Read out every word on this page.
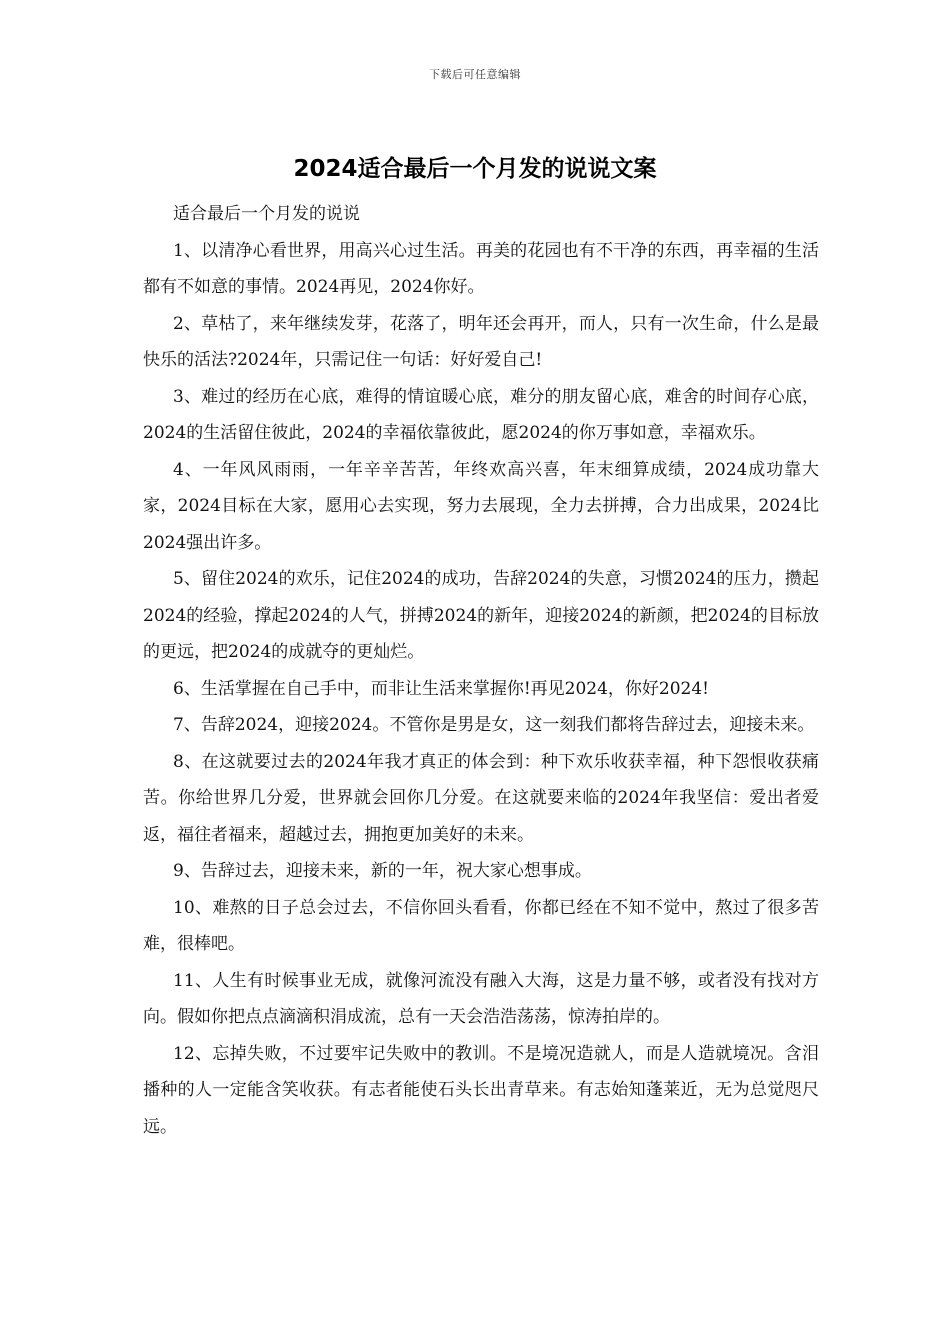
下载后可任意编辑
2024适合最后一个月发的说说文案

适合最后一个月发的说说

1、以清净心看世界，用高兴心过生活。再美的花园也有不干净的东西，再幸福的生活都有不如意的事情。2024再见，2024你好。

2、草枯了，来年继续发芽，花落了，明年还会再开，而人，只有一次生命，什么是最快乐的活法?2024年，只需记住一句话：好好爱自己!

3、难过的经历在心底，难得的情谊暖心底，难分的朋友留心底，难舍的时间存心底，2024的生活留住彼此，2024的幸福依靠彼此，愿2024的你万事如意，幸福欢乐。

4、一年风风雨雨，一年辛辛苦苦，年终欢高兴喜，年末细算成绩，2024成功靠大家，2024目标在大家，愿用心去实现，努力去展现，全力去拼搏，合力出成果，2024比2024强出许多。

5、留住2024的欢乐，记住2024的成功，告辞2024的失意，习惯2024的压力，攒起2024的经验，撑起2024的人气，拼搏2024的新年，迎接2024的新颜，把2024的目标放的更远，把2024的成就夺的更灿烂。

6、生活掌握在自己手中，而非让生活来掌握你!再见2024，你好2024!

7、告辞2024，迎接2024。不管你是男是女，这一刻我们都将告辞过去，迎接未来。

8、在这就要过去的2024年我才真正的体会到：种下欢乐收获幸福，种下怨恨收获痛苦。你给世界几分爱，世界就会回你几分爱。在这就要来临的2024年我坚信：爱出者爱返，福往者福来，超越过去，拥抱更加美好的未来。

9、告辞过去，迎接未来，新的一年，祝大家心想事成。

10、难熬的日子总会过去，不信你回头看看，你都已经在不知不觉中，熬过了很多苦难，很棒吧。

11、人生有时候事业无成，就像河流没有融入大海，这是力量不够，或者没有找对方向。假如你把点点滴滴积涓成流，总有一天会浩浩荡荡，惊涛拍岸的。

12、忘掉失败，不过要牢记失败中的教训。不是境况造就人，而是人造就境况。含泪播种的人一定能含笑收获。有志者能使石头长出青草来。有志始知蓬莱近，无为总觉咫尺远。
